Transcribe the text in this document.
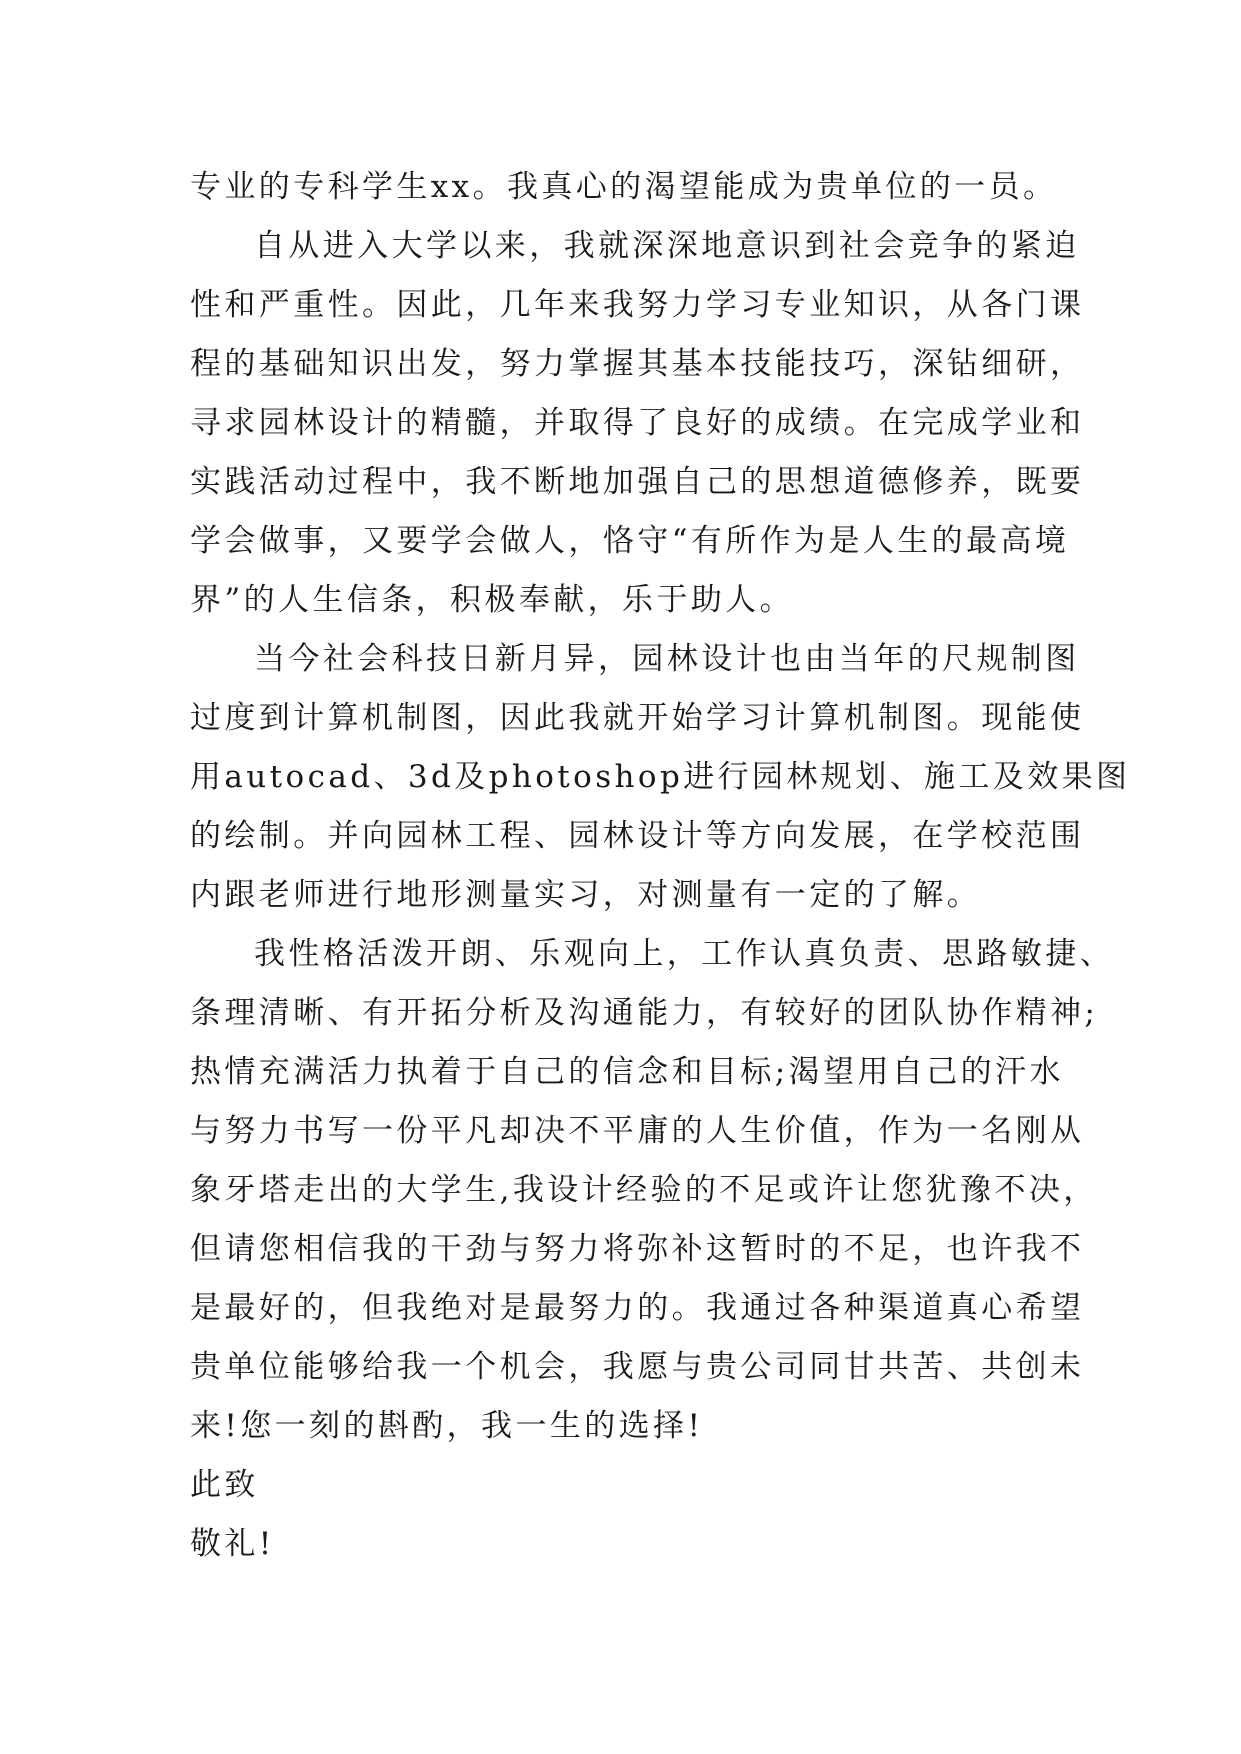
专业的专科学生xx。我真心的渴望能成为贵单位的一员。
自从进入大学以来，我就深深地意识到社会竞争的紧迫
性和严重性。因此，几年来我努力学习专业知识，从各门课
程的基础知识出发，努力掌握其基本技能技巧，深钻细研，
寻求园林设计的精髓，并取得了良好的成绩。在完成学业和
实践活动过程中，我不断地加强自己的思想道德修养，既要
学会做事，又要学会做人，恪守“有所作为是人生的最高境
界”的人生信条，积极奉献，乐于助人。
当今社会科技日新月异，园林设计也由当年的尺规制图
过度到计算机制图，因此我就开始学习计算机制图。现能使
用autocad、3d及photoshop进行园林规划、施工及效果图
的绘制。并向园林工程、园林设计等方向发展，在学校范围
内跟老师进行地形测量实习，对测量有一定的了解。
我性格活泼开朗、乐观向上，工作认真负责、思路敏捷、
条理清晰、有开拓分析及沟通能力，有较好的团队协作精神;
热情充满活力执着于自己的信念和目标;渴望用自己的汗水
与努力书写一份平凡却决不平庸的人生价值，作为一名刚从
象牙塔走出的大学生,我设计经验的不足或许让您犹豫不决，
但请您相信我的干劲与努力将弥补这暂时的不足，也许我不
是最好的，但我绝对是最努力的。我通过各种渠道真心希望
贵单位能够给我一个机会，我愿与贵公司同甘共苦、共创未
来!您一刻的斟酌，我一生的选择!
此致
敬礼!
